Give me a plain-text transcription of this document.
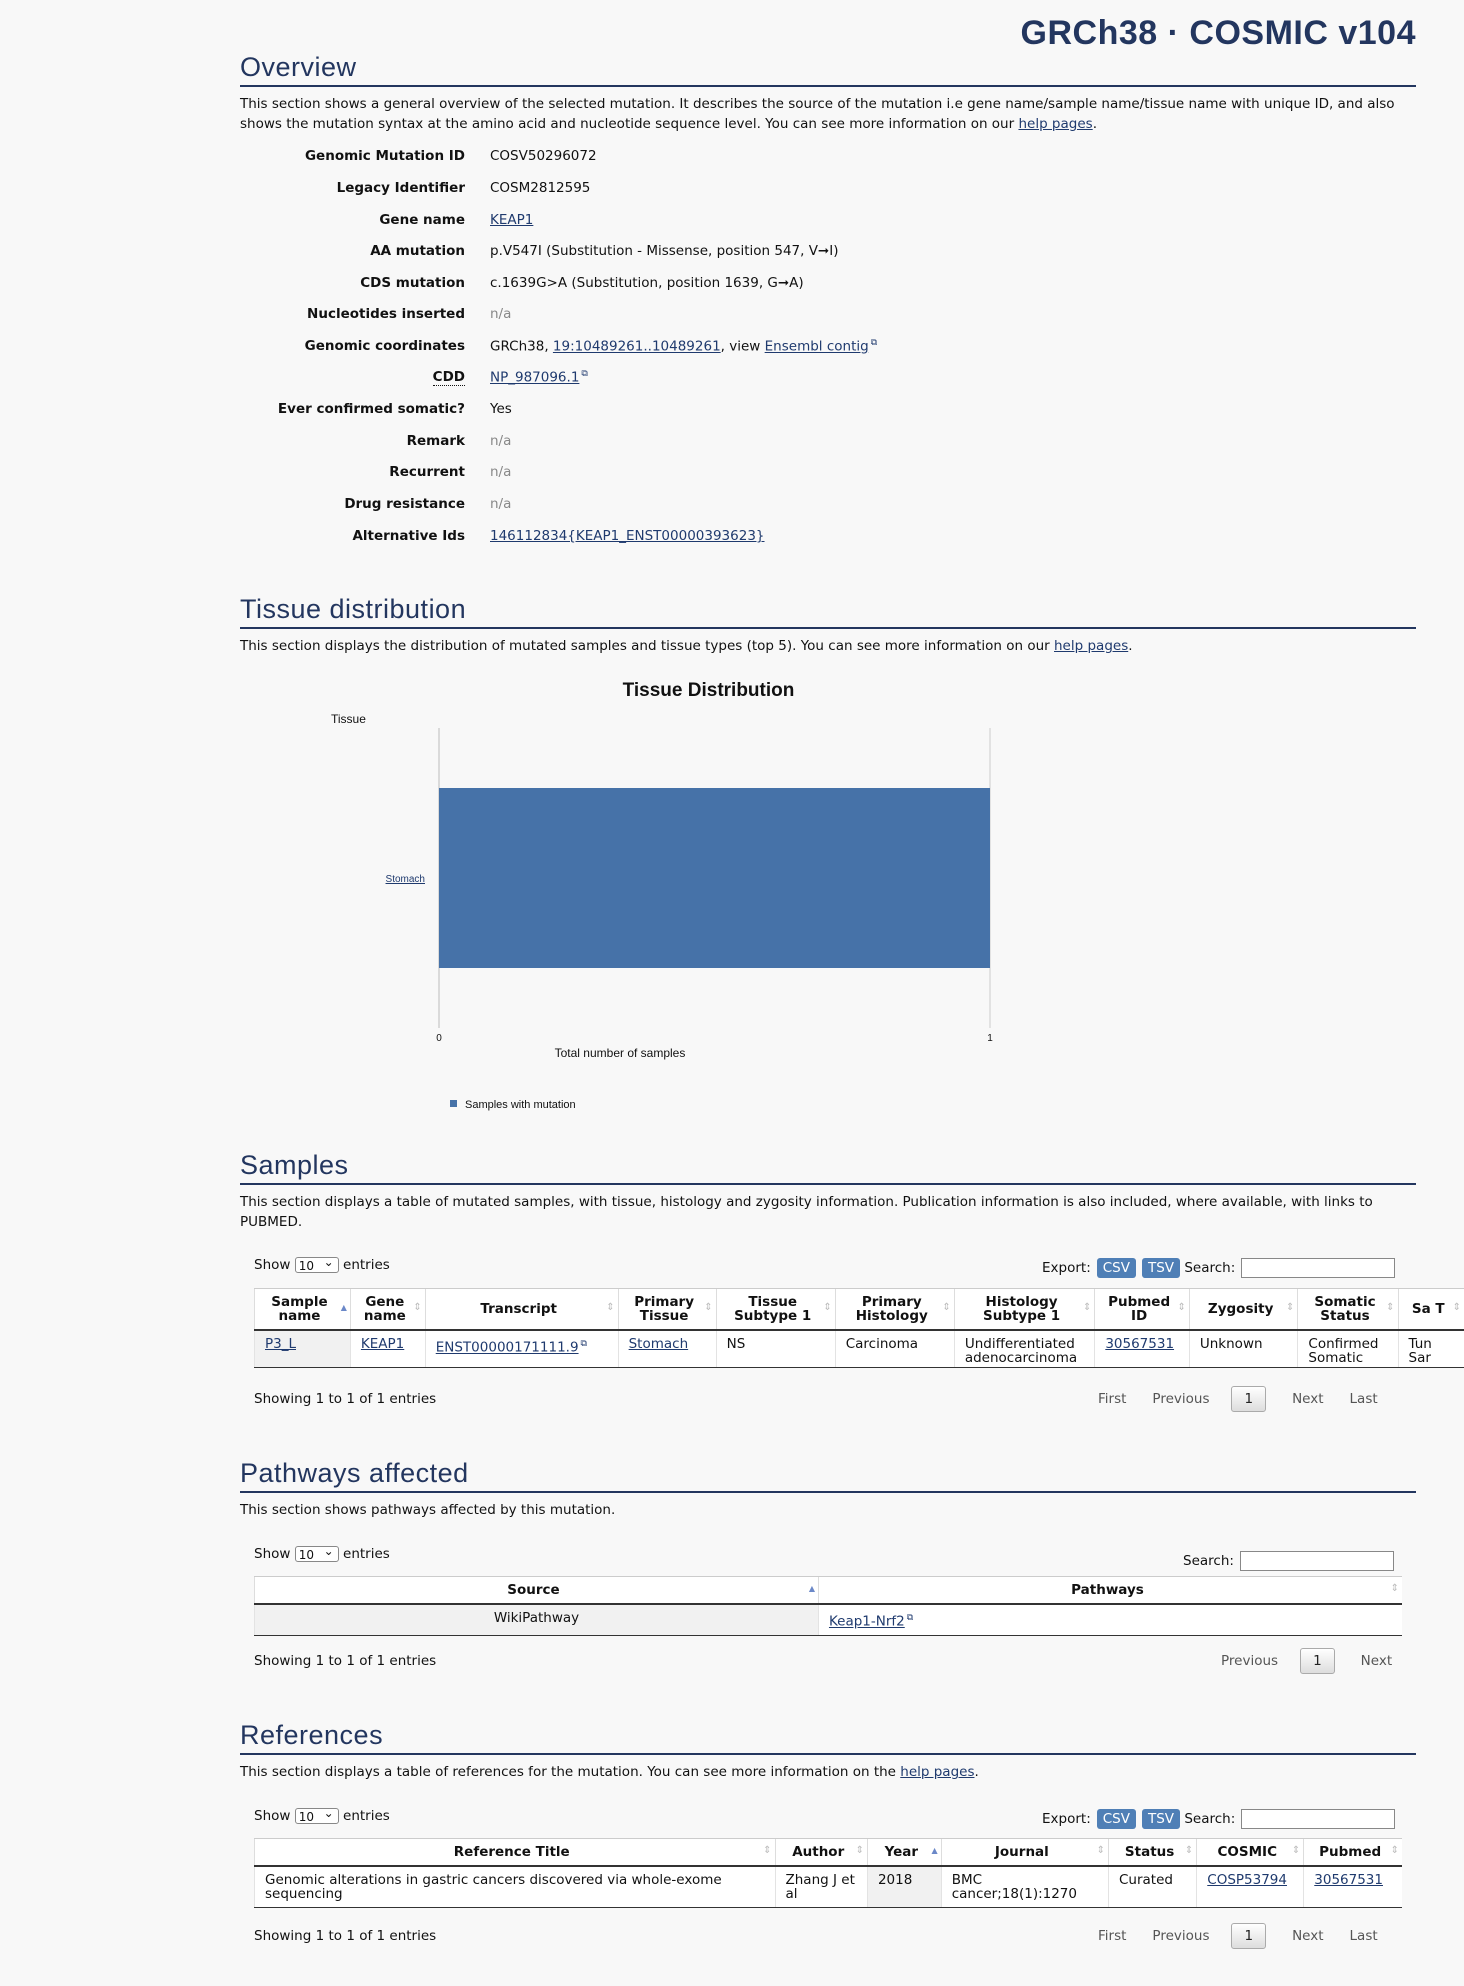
GRCh38 · COSMIC v104
Overview

This section shows a general overview of the selected mutation. It describes the source of the mutation i.e gene name/sample name/tissue name with unique ID, and also shows the mutation syntax at the amino acid and nucleotide sequence level. You can see more information on our help pages.

Genomic Mutation ID COSV50296072
Legacy Identifier COSM2812595
Gene name KEAP1
AA mutation p.V547I (Substitution - Missense, position 547, V➞I)
CDS mutation c.1639G>A (Substitution, position 1639, G➞A)
Nucleotides inserted n/a
Genomic coordinates GRCh38, 19:10489261..10489261, view Ensembl contig ⧉
CDD NP_987096.1 ⧉
Ever confirmed somatic? Yes
Remark n/a
Recurrent n/a
Drug resistance n/a
Alternative Ids 146112834{KEAP1_ENST00000393623}
Tissue distribution

This section displays the distribution of mutated samples and tissue types (top 5). You can see more information on our help pages.

Tissue Distribution
Tissue
Stomach
0	1
Total number of samples
Samples with mutation
Samples

This section displays a table of mutated samples, with tissue, histology and zygosity information. Publication information is also included, where available, with links to PUBMED.

Show 10 ⌄ entries	Export: CSV TSV Search:
Sample name ▲	Gene name ⇕	Transcript ⇕	Primary Tissue ⇕	Tissue Subtype 1 ⇕	Primary Histology ⇕	Histology Subtype 1 ⇕	Pubmed ID ⇕	Zygosity ⇕	Somatic Status ⇕	Sa T ⇕
P3_L	KEAP1	ENST00000171111.9 ⧉	Stomach	NS	Carcinoma	Undifferentiated adenocarcinoma	30567531	Unknown	Confirmed Somatic	Tun Sar
Showing 1 to 1 of 1 entries	First Previous	1	Next Last
Pathways affected

This section shows pathways affected by this mutation.

Show 10 ⌄ entries	Search:
Source ▲	Pathways ⇕
WikiPathway	Keap1-Nrf2 ⧉
Showing 1 to 1 of 1 entries	Previous	1	Next
References

This section displays a table of references for the mutation. You can see more information on the help pages.

Show 10 ⌄ entries	Export: CSV TSV Search:
Reference Title ⇕	Author ⇕	Year ▲	Journal ⇕	Status ⇕	COSMIC ⇕	Pubmed ⇕
Genomic alterations in gastric cancers discovered via whole-exome sequencing	Zhang J et al	2018	BMC cancer;18(1):1270	Curated	COSP53794	30567531
Showing 1 to 1 of 1 entries	First Previous	1	Next Last
